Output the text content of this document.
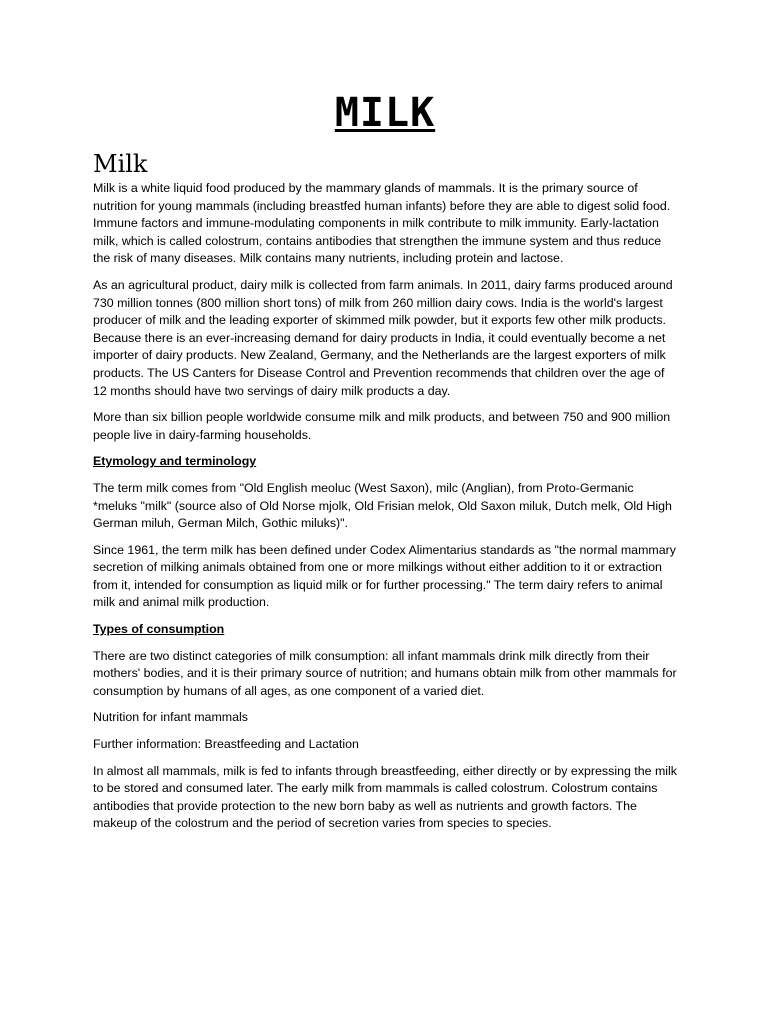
MILK
Milk

Milk is a white liquid food produced by the mammary glands of mammals. It is the primary source of nutrition for young mammals (including breastfed human infants) before they are able to digest solid food. Immune factors and immune-modulating components in milk contribute to milk immunity. Early-lactation milk, which is called colostrum, contains antibodies that strengthen the immune system and thus reduce the risk of many diseases. Milk contains many nutrients, including protein and lactose.

As an agricultural product, dairy milk is collected from farm animals. In 2011, dairy farms produced around 730 million tonnes (800 million short tons) of milk from 260 million dairy cows. India is the world's largest producer of milk and the leading exporter of skimmed milk powder, but it exports few other milk products. Because there is an ever-increasing demand for dairy products in India, it could eventually become a net importer of dairy products. New Zealand, Germany, and the Netherlands are the largest exporters of milk products. The US Canters for Disease Control and Prevention recommends that children over the age of 12 months should have two servings of dairy milk products a day.

More than six billion people worldwide consume milk and milk products, and between 750 and 900 million people live in dairy-farming households.

Etymology and terminology

The term milk comes from "Old English meoluc (West Saxon), milc (Anglian), from Proto-Germanic *meluks "milk" (source also of Old Norse mjolk, Old Frisian melok, Old Saxon miluk, Dutch melk, Old High German miluh, German Milch, Gothic miluks)".

Since 1961, the term milk has been defined under Codex Alimentarius standards as "the normal mammary secretion of milking animals obtained from one or more milkings without either addition to it or extraction from it, intended for consumption as liquid milk or for further processing." The term dairy refers to animal milk and animal milk production.

Types of consumption

There are two distinct categories of milk consumption: all infant mammals drink milk directly from their mothers' bodies, and it is their primary source of nutrition; and humans obtain milk from other mammals for consumption by humans of all ages, as one component of a varied diet.

Nutrition for infant mammals

Further information: Breastfeeding and Lactation

In almost all mammals, milk is fed to infants through breastfeeding, either directly or by expressing the milk to be stored and consumed later. The early milk from mammals is called colostrum. Colostrum contains antibodies that provide protection to the new born baby as well as nutrients and growth factors. The makeup of the colostrum and the period of secretion varies from species to species.
